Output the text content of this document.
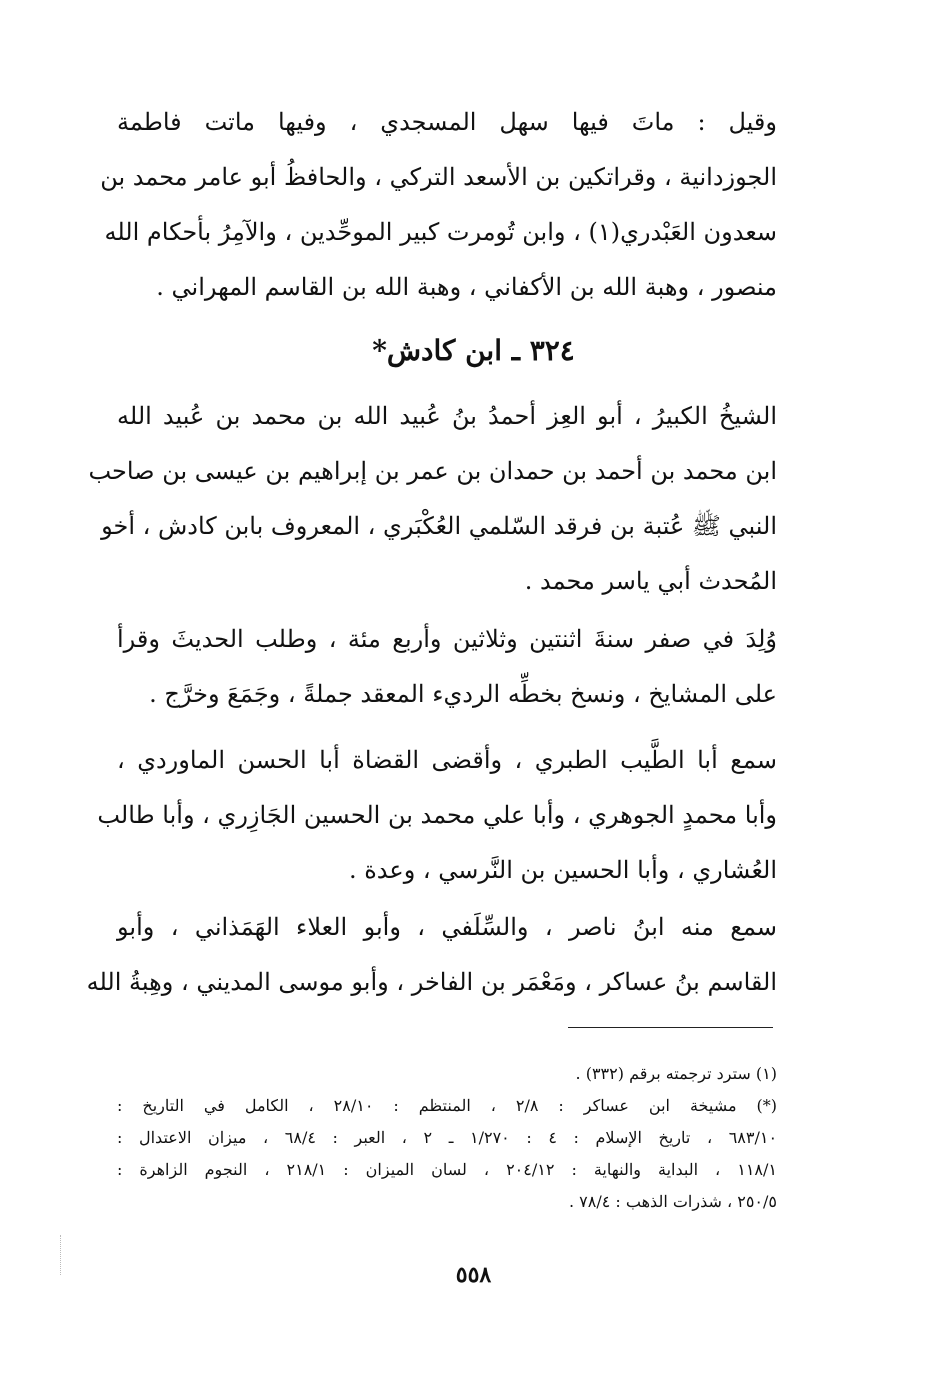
وقيل : ماتَ فيها سهل المسجدي ، وفيها ماتت فاطمة
الجوزدانية ، وقراتكين بن الأسعد التركي ، والحافظُ أبو عامر محمد بن
سعدون العَبْدري(١) ، وابن تُومرت كبير الموحِّدين ، والآمِرُ بأحكام الله
منصور ، وهبة الله بن الأكفاني ، وهبة الله بن القاسم المهراني .
٣٢٤ ـ ابن كادش*
الشيخُ الكبيرُ ، أبو العِز أحمدُ بنُ عُبيد الله بن محمد بن عُبيد الله
ابن محمد بن أحمد بن حمدان بن عمر بن إبراهيم بن عيسى بن صاحب
النبي ﷺ عُتبة بن فرقد السّلمي العُكْبَري ، المعروف بابن كادش ، أخو
المُحدث أبي ياسر محمد .
وُلِدَ في صفر سنةَ اثنتين وثلاثين وأربع مئة ، وطلب الحديثَ وقرأ
على المشايخ ، ونسخ بخطِّه الرديء المعقد جملةً ، وجَمَعَ وخرَّج .
سمع أبا الطَّيب الطبري ، وأقضى القضاة أبا الحسن الماوردي ،
وأبا محمدٍ الجوهري ، وأبا علي محمد بن الحسين الجَازِري ، وأبا طالب
العُشاري ، وأبا الحسين بن النَّرسي ، وعدة .
سمع منه ابنُ ناصر ، والسِّلَفي ، وأبو العلاء الهَمَذاني ، وأبو
القاسم بنُ عساكر ، ومَعْمَر بن الفاخر ، وأبو موسى المديني ، وهِبةُ الله
(١) سترد ترجمته برقم (٣٣٢) .
(*) مشيخة ابن عساكر : ٢/٨ ، المنتظم : ٢٨/١٠ ، الكامل في التاريخ :
٦٨٣/١٠ ، تاريخ الإسلام : ٤ : ١/٢٧٠ ـ ٢ ، العبر : ٦٨/٤ ، ميزان الاعتدال :
١١٨/١ ، البداية والنهاية : ٢٠٤/١٢ ، لسان الميزان : ٢١٨/١ ، النجوم الزاهرة :
٢٥٠/٥ ، شذرات الذهب : ٧٨/٤ .
٥٥٨
